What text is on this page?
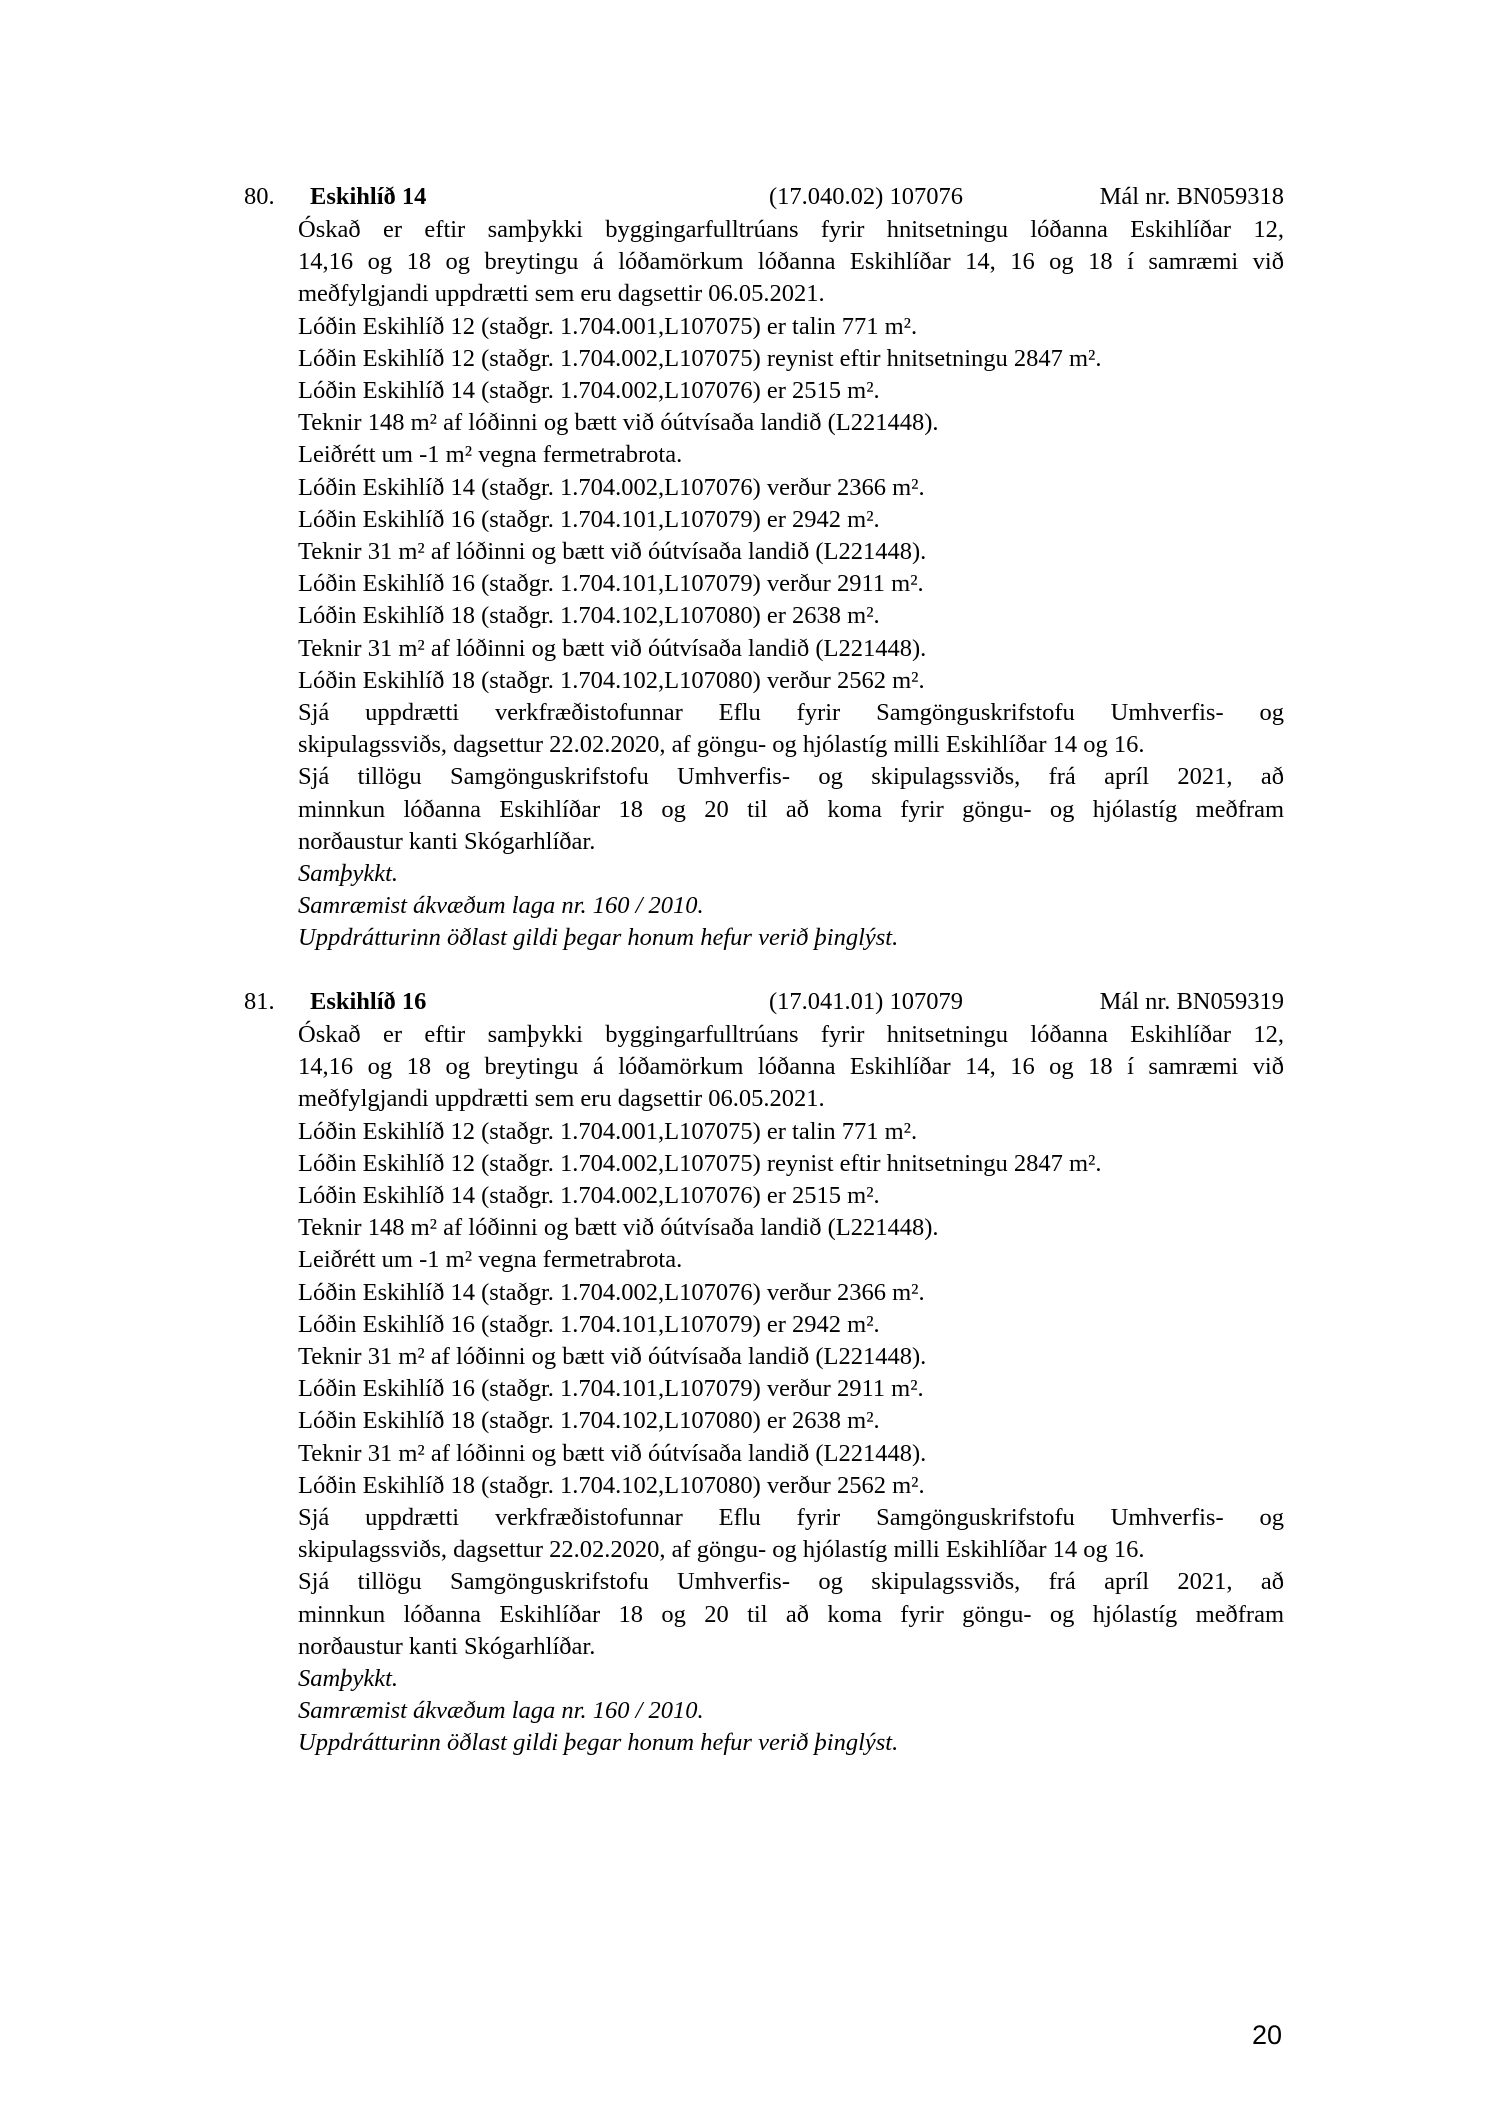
80. Eskihlíð 14	(17.040.02) 107076	Mál nr. BN059318
Óskað er eftir samþykki byggingarfulltrúans fyrir hnitsetningu lóðanna Eskihlíðar 12,
14,16 og 18 og breytingu á lóðamörkum lóðanna Eskihlíðar 14, 16 og 18 í samræmi við
meðfylgjandi uppdrætti sem eru dagsettir 06.05.2021.
Lóðin Eskihlíð 12 (staðgr. 1.704.001,L107075) er talin 771 m².
Lóðin Eskihlíð 12 (staðgr. 1.704.002,L107075) reynist eftir hnitsetningu 2847 m².
Lóðin Eskihlíð 14 (staðgr. 1.704.002,L107076) er 2515 m².
Teknir 148 m² af lóðinni og bætt við óútvísaða landið (L221448).
Leiðrétt um -1 m² vegna fermetrabrota.
Lóðin Eskihlíð 14 (staðgr. 1.704.002,L107076) verður 2366 m².
Lóðin Eskihlíð 16 (staðgr. 1.704.101,L107079) er 2942 m².
Teknir 31 m² af lóðinni og bætt við óútvísaða landið (L221448).
Lóðin Eskihlíð 16 (staðgr. 1.704.101,L107079) verður 2911 m².
Lóðin Eskihlíð 18 (staðgr. 1.704.102,L107080) er 2638 m².
Teknir 31 m² af lóðinni og bætt við óútvísaða landið (L221448).
Lóðin Eskihlíð 18 (staðgr. 1.704.102,L107080) verður 2562 m².
Sjá uppdrætti verkfræðistofunnar Eflu fyrir Samgönguskrifstofu Umhverfis- og
skipulagssviðs, dagsettur 22.02.2020, af göngu- og hjólastíg milli Eskihlíðar 14 og 16.
Sjá tillögu Samgönguskrifstofu Umhverfis- og skipulagssviðs, frá apríl 2021, að
minnkun lóðanna Eskihlíðar 18 og 20 til að koma fyrir göngu- og hjólastíg meðfram
norðaustur kanti Skógarhlíðar.
Samþykkt.
Samræmist ákvæðum laga nr. 160 / 2010.
Uppdrátturinn öðlast gildi þegar honum hefur verið þinglýst.
81. Eskihlíð 16	(17.041.01) 107079	Mál nr. BN059319
Óskað er eftir samþykki byggingarfulltrúans fyrir hnitsetningu lóðanna Eskihlíðar 12,
14,16 og 18 og breytingu á lóðamörkum lóðanna Eskihlíðar 14, 16 og 18 í samræmi við
meðfylgjandi uppdrætti sem eru dagsettir 06.05.2021.
Lóðin Eskihlíð 12 (staðgr. 1.704.001,L107075) er talin 771 m².
Lóðin Eskihlíð 12 (staðgr. 1.704.002,L107075) reynist eftir hnitsetningu 2847 m².
Lóðin Eskihlíð 14 (staðgr. 1.704.002,L107076) er 2515 m².
Teknir 148 m² af lóðinni og bætt við óútvísaða landið (L221448).
Leiðrétt um -1 m² vegna fermetrabrota.
Lóðin Eskihlíð 14 (staðgr. 1.704.002,L107076) verður 2366 m².
Lóðin Eskihlíð 16 (staðgr. 1.704.101,L107079) er 2942 m².
Teknir 31 m² af lóðinni og bætt við óútvísaða landið (L221448).
Lóðin Eskihlíð 16 (staðgr. 1.704.101,L107079) verður 2911 m².
Lóðin Eskihlíð 18 (staðgr. 1.704.102,L107080) er 2638 m².
Teknir 31 m² af lóðinni og bætt við óútvísaða landið (L221448).
Lóðin Eskihlíð 18 (staðgr. 1.704.102,L107080) verður 2562 m².
Sjá uppdrætti verkfræðistofunnar Eflu fyrir Samgönguskrifstofu Umhverfis- og
skipulagssviðs, dagsettur 22.02.2020, af göngu- og hjólastíg milli Eskihlíðar 14 og 16.
Sjá tillögu Samgönguskrifstofu Umhverfis- og skipulagssviðs, frá apríl 2021, að
minnkun lóðanna Eskihlíðar 18 og 20 til að koma fyrir göngu- og hjólastíg meðfram
norðaustur kanti Skógarhlíðar.
Samþykkt.
Samræmist ákvæðum laga nr. 160 / 2010.
Uppdrátturinn öðlast gildi þegar honum hefur verið þinglýst.
20
